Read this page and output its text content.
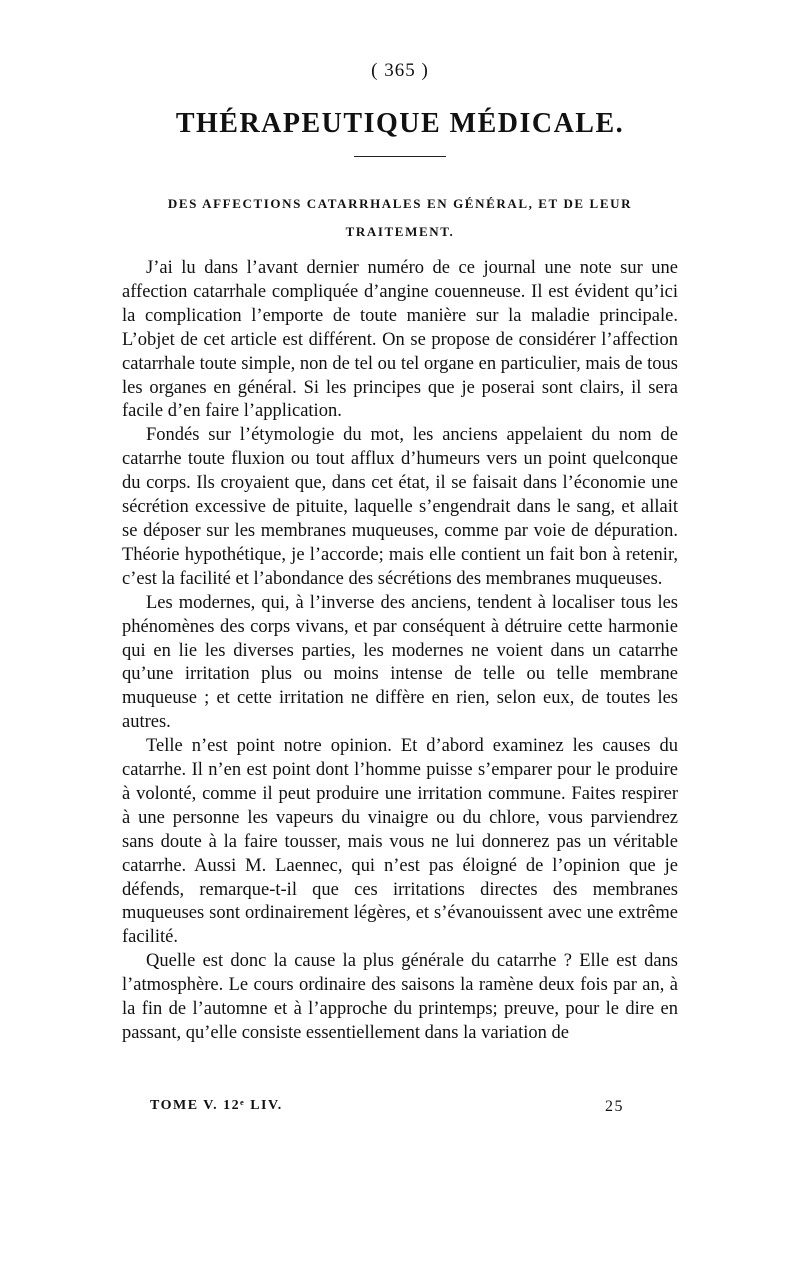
( 365 )
THÉRAPEUTIQUE MÉDICALE.
DES AFFECTIONS CATARRHALES EN GÉNÉRAL, ET DE LEUR
TRAITEMENT.

J’ai lu dans l’avant dernier numéro de ce journal une note sur une affection catarrhale compliquée d’angine couenneuse. Il est évident qu’ici la complication l’emporte de toute manière sur la maladie principale. L’objet de cet article est différent. On se propose de considérer l’affection catarrhale toute simple, non de tel ou tel organe en particulier, mais de tous les organes en général. Si les principes que je poserai sont clairs, il sera facile d’en faire l’application.

Fondés sur l’étymologie du mot, les anciens appelaient du nom de catarrhe toute fluxion ou tout afflux d’humeurs vers un point quelconque du corps. Ils croyaient que, dans cet état, il se faisait dans l’économie une sécrétion excessive de pituite, laquelle s’engendrait dans le sang, et allait se déposer sur les membranes muqueuses, comme par voie de dépuration. Théorie hypothétique, je l’accorde; mais elle contient un fait bon à retenir, c’est la facilité et l’abondance des sécrétions des membranes muqueuses.

Les modernes, qui, à l’inverse des anciens, tendent à localiser tous les phénomènes des corps vivans, et par conséquent à détruire cette harmonie qui en lie les diverses parties, les modernes ne voient dans un catarrhe qu’une irritation plus ou moins intense de telle ou telle membrane muqueuse ; et cette irritation ne diffère en rien, selon eux, de toutes les autres.

Telle n’est point notre opinion. Et d’abord examinez les causes du catarrhe. Il n’en est point dont l’homme puisse s’emparer pour le produire à volonté, comme il peut produire une irritation commune. Faites respirer à une personne les vapeurs du vinaigre ou du chlore, vous parviendrez sans doute à la faire tousser, mais vous ne lui donnerez pas un véritable catarrhe. Aussi M. Laennec, qui n’est pas éloigné de l’opinion que je défends, remarque-t-il que ces irritations directes des membranes muqueuses sont ordinairement légères, et s’évanouissent avec une extrême facilité.

Quelle est donc la cause la plus générale du catarrhe ? Elle est dans l’atmosphère. Le cours ordinaire des saisons la ramène deux fois par an, à la fin de l’automne et à l’approche du printemps; preuve, pour le dire en passant, qu’elle consiste essentiellement dans la variation de

TOME V. 12ᵉ LIV.	25
